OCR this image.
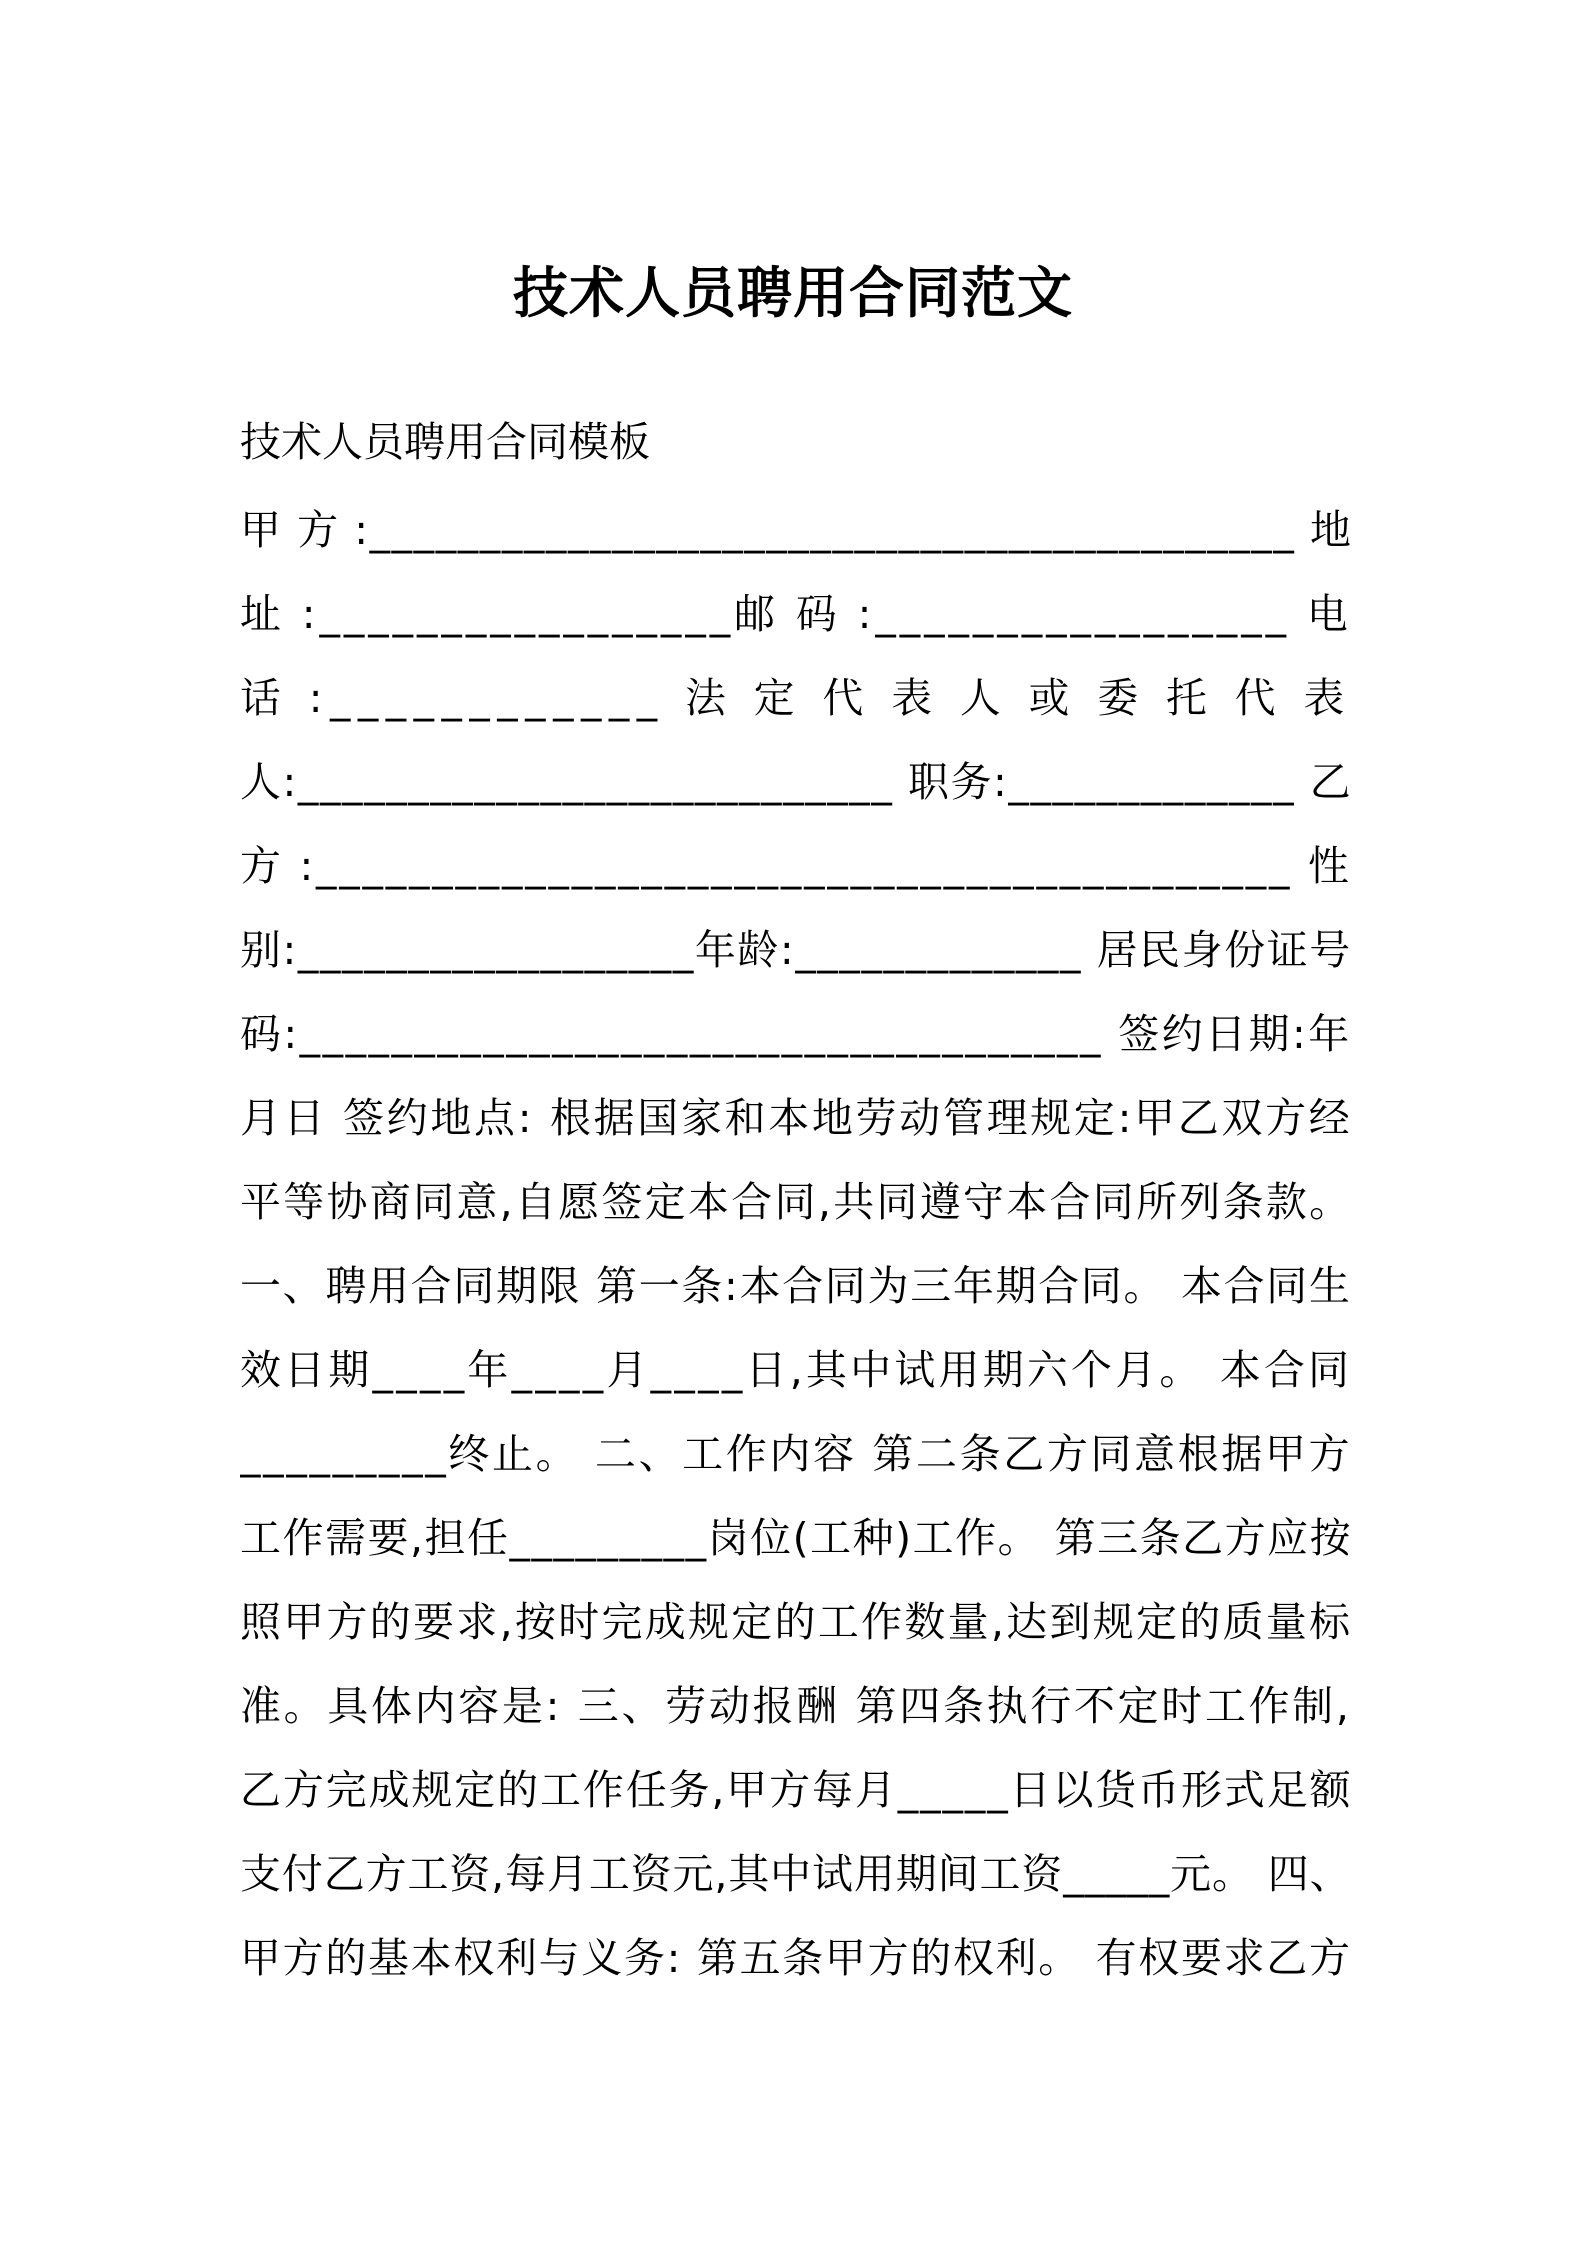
技术人员聘用合同范文
技术人员聘用合同模板
甲 方 :__________________________________________ 地
址 :_________________邮 码 :_________________ 电
话 :____________ 法 定 代 表 人 或 委 托 代 表
人:___________________________ 职务:_____________ 乙
方 :__________________________________________ 性
别:__________________年龄:_____________ 居民身份证号
码:___________________________________ 签约日期:年
月日 签约地点: 根据国家和本地劳动管理规定:甲乙双方经
平等协商同意,自愿签定本合同,共同遵守本合同所列条款。
一、聘用合同期限 第一条:本合同为三年期合同。 本合同生
效日期____年____月____日,其中试用期六个月。 本合同
_________终止。 二、工作内容 第二条乙方同意根据甲方
工作需要,担任_________岗位(工种)工作。 第三条乙方应按
照甲方的要求,按时完成规定的工作数量,达到规定的质量标
准。具体内容是: 三、劳动报酬 第四条执行不定时工作制,
乙方完成规定的工作任务,甲方每月_____日以货币形式足额
支付乙方工资,每月工资元,其中试用期间工资_____元。 四、
甲方的基本权利与义务: 第五条甲方的权利。 有权要求乙方
